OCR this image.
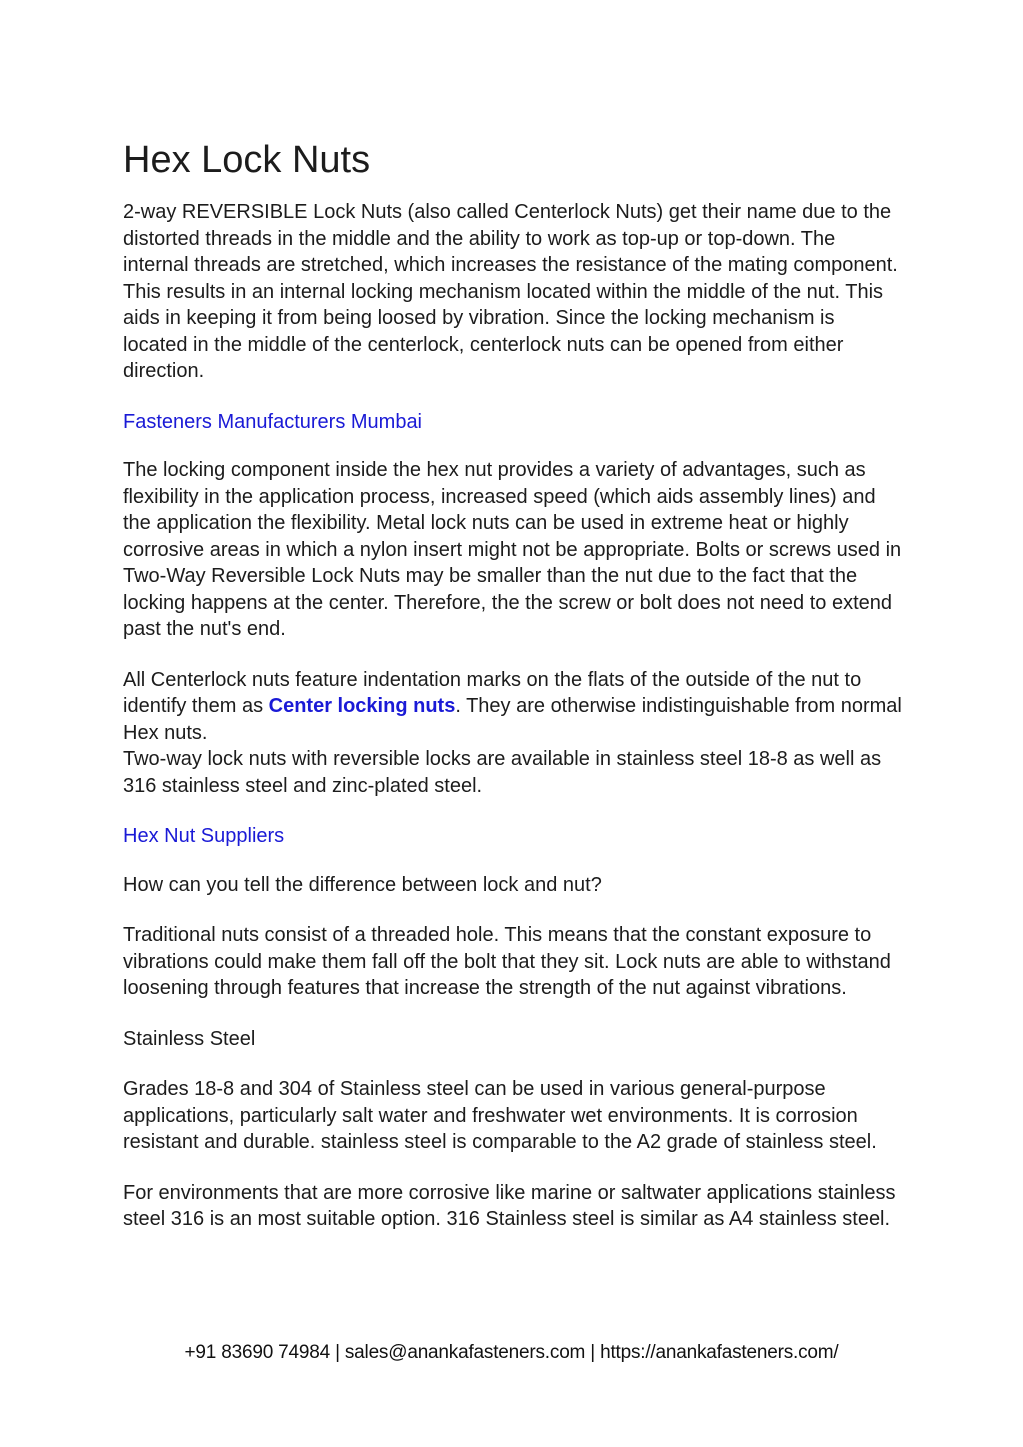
Hex Lock Nuts

2-way REVERSIBLE Lock Nuts (also called Centerlock Nuts) get their name due to the distorted threads in the middle and the ability to work as top-up or top-down. The internal threads are stretched, which increases the resistance of the mating component. This results in an internal locking mechanism located within the middle of the nut. This aids in keeping it from being loosed by vibration. Since the locking mechanism is located in the middle of the centerlock, centerlock nuts can be opened from either direction.

Fasteners Manufacturers Mumbai

The locking component inside the hex nut provides a variety of advantages, such as flexibility in the application process, increased speed (which aids assembly lines) and the application the flexibility. Metal lock nuts can be used in extreme heat or highly corrosive areas in which a nylon insert might not be appropriate. Bolts or screws used in Two-Way Reversible Lock Nuts may be smaller than the nut due to the fact that the locking happens at the center. Therefore, the the screw or bolt does not need to extend past the nut's end.

All Centerlock nuts feature indentation marks on the flats of the outside of the nut to identify them as Center locking nuts. They are otherwise indistinguishable from normal Hex nuts.
Two-way lock nuts with reversible locks are available in stainless steel 18-8 as well as 316 stainless steel and zinc-plated steel.

Hex Nut Suppliers

How can you tell the difference between lock and nut?

Traditional nuts consist of a threaded hole. This means that the constant exposure to vibrations could make them fall off the bolt that they sit. Lock nuts are able to withstand loosening through features that increase the strength of the nut against vibrations.

Stainless Steel

Grades 18-8 and 304 of Stainless steel can be used in various general-purpose applications, particularly salt water and freshwater wet environments. It is corrosion resistant and durable. stainless steel is comparable to the A2 grade of stainless steel.

For environments that are more corrosive like marine or saltwater applications stainless steel 316 is an most suitable option. 316 Stainless steel is similar as A4 stainless steel.

+91 83690 74984 | sales@anankafasteners.com | https://anankafasteners.com/
